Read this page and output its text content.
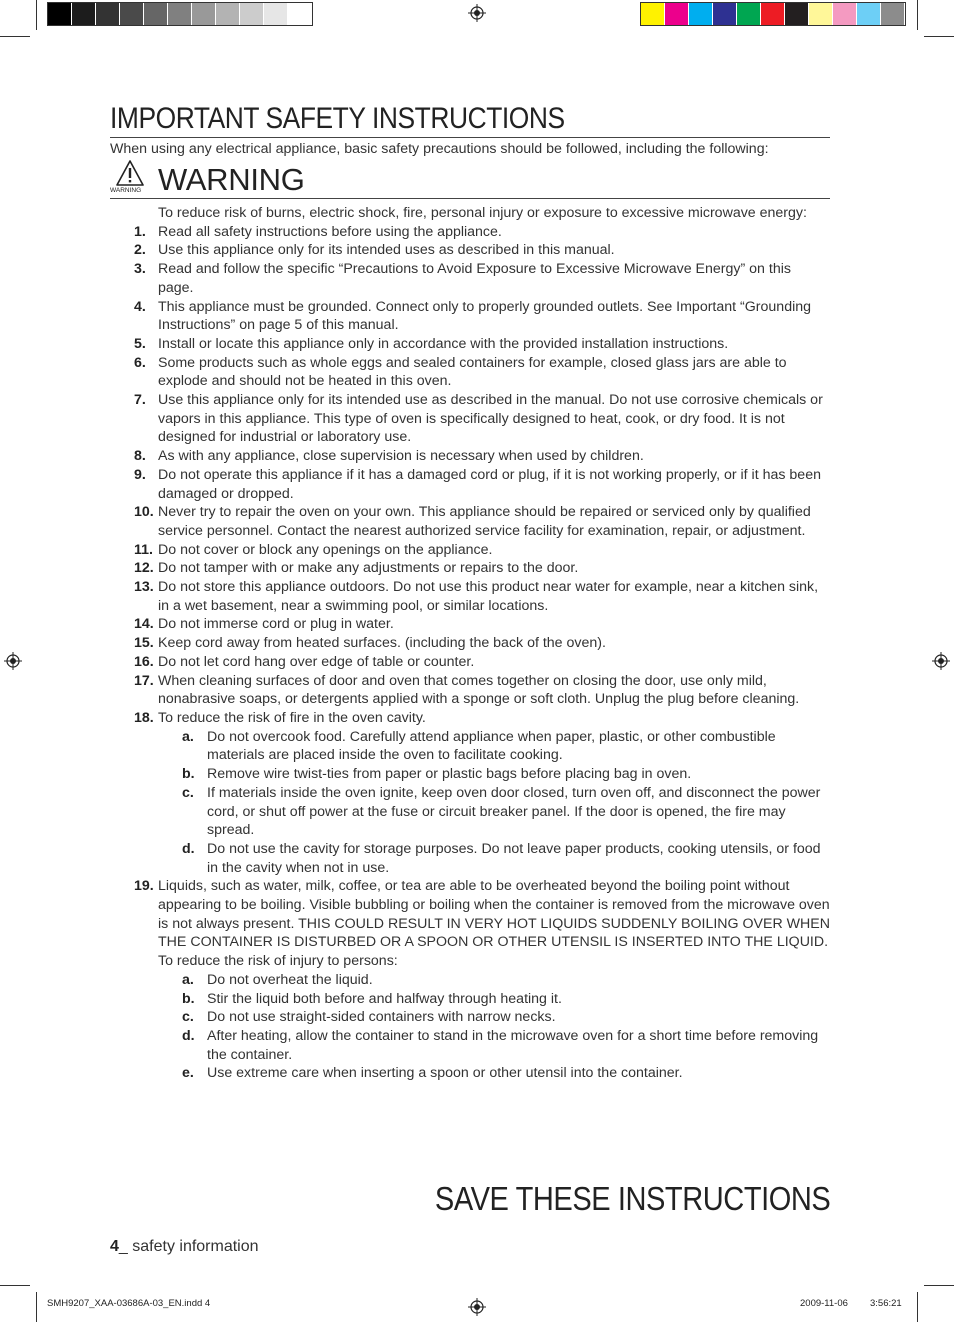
IMPORTANT SAFETY INSTRUCTIONS
When using any electrical appliance, basic safety precautions should be followed, including the following:
WARNING WARNING
To reduce risk of burns, electric shock, fire, personal injury or exposure to excessive microwave energy:
1. Read all safety instructions before using the appliance.
2. Use this appliance only for its intended uses as described in this manual.
3. Read and follow the specific “Precautions to Avoid Exposure to Excessive Microwave Energy” on this page.
4. This appliance must be grounded. Connect only to properly grounded outlets. See Important “Grounding Instructions” on page 5 of this manual.
5. Install or locate this appliance only in accordance with the provided installation instructions.
6. Some products such as whole eggs and sealed containers for example, closed glass jars are able to explode and should not be heated in this oven.
7. Use this appliance only for its intended use as described in the manual. Do not use corrosive chemicals or vapors in this appliance. This type of oven is specifically designed to heat, cook, or dry food. It is not designed for industrial or laboratory use.
8. As with any appliance, close supervision is necessary when used by children.
9. Do not operate this appliance if it has a damaged cord or plug, if it is not working properly, or if it has been damaged or dropped.
10. Never try to repair the oven on your own. This appliance should be repaired or serviced only by qualified service personnel. Contact the nearest authorized service facility for examination, repair, or adjustment.
11. Do not cover or block any openings on the appliance.
12. Do not tamper with or make any adjustments or repairs to the door.
13. Do not store this appliance outdoors. Do not use this product near water for example, near a kitchen sink, in a wet basement, near a swimming pool, or similar locations.
14. Do not immerse cord or plug in water.
15. Keep cord away from heated surfaces. (including the back of the oven).
16. Do not let cord hang over edge of table or counter.
17. When cleaning surfaces of door and oven that comes together on closing the door, use only mild, nonabrasive soaps, or detergents applied with a sponge or soft cloth. Unplug the plug before cleaning.
18. To reduce the risk of fire in the oven cavity.
a. Do not overcook food. Carefully attend appliance when paper, plastic, or other combustible materials are placed inside the oven to facilitate cooking.
b. Remove wire twist-ties from paper or plastic bags before placing bag in oven.
c. If materials inside the oven ignite, keep oven door closed, turn oven off, and disconnect the power cord, or shut off power at the fuse or circuit breaker panel. If the door is opened, the fire may spread.
d. Do not use the cavity for storage purposes. Do not leave paper products, cooking utensils, or food in the cavity when not in use.
19. Liquids, such as water, milk, coffee, or tea are able to be overheated beyond the boiling point without appearing to be boiling. Visible bubbling or boiling when the container is removed from the microwave oven is not always present. THIS COULD RESULT IN VERY HOT LIQUIDS SUDDENLY BOILING OVER WHEN THE CONTAINER IS DISTURBED OR A SPOON OR OTHER UTENSIL IS INSERTED INTO THE LIQUID. To reduce the risk of injury to persons:
a. Do not overheat the liquid.
b. Stir the liquid both before and halfway through heating it.
c. Do not use straight-sided containers with narrow necks.
d. After heating, allow the container to stand in the microwave oven for a short time before removing the container.
e. Use extreme care when inserting a spoon or other utensil into the container.
SAVE THESE INSTRUCTIONS
4_ safety information
SMH9207_XAA-03686A-03_EN.indd 4	2009-11-06 3:56:21
